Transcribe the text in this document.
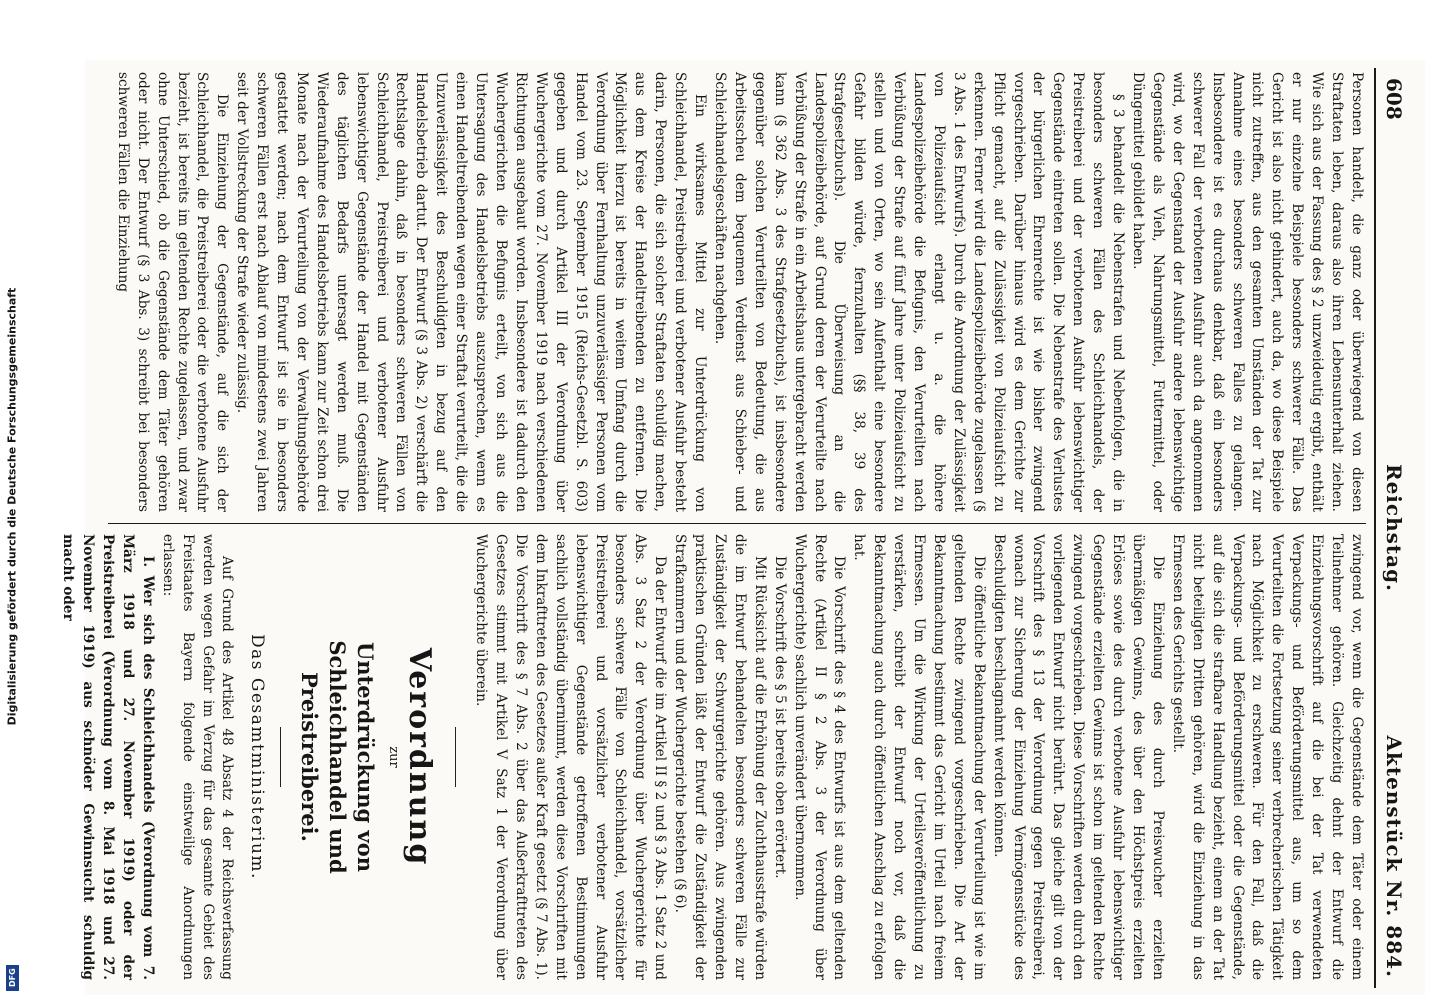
Digitalisierung gefördert durch die Deutsche Forschungsgemeinschaft
DFG
608
Reichstag.
Aktenstück Nr. 884.

Personen handelt, die ganz oder überwiegend von diesen Straftaten leben, daraus also ihren Lebensunterhalt ziehen. Wie sich aus der Fassung des § 2 unzweideutig ergibt, enthält er nur einzelne Beispiele besonders schwerer Fälle. Das Gericht ist also nicht gehindert, auch da, wo diese Beispiele nicht zutreffen, aus den gesamten Umständen der Tat zur Annahme eines besonders schweren Falles zu gelangen. Insbesondere ist es durchaus denkbar, daß ein besonders schwerer Fall der verbotenen Ausfuhr auch da angenommen wird, wo der Gegenstand der Ausfuhr andere lebenswichtige Gegenstände als Vieh, Nahrungsmittel, Futtermittel, oder Düngemittel gebildet haben.

§ 3 behandelt die Nebenstrafen und Nebenfolgen, die in besonders schweren Fällen des Schleichhandels, der Preistreiberei und der verbotenen Ausfuhr lebenswichtiger Gegenstände eintreten sollen. Die Nebenstrafe des Verlustes der bürgerlichen Ehrenrechte ist wie bisher zwingend vorgeschrieben. Darüber hinaus wird es dem Gerichte zur Pflicht gemacht, auf die Zulässigkeit von Polizeiaufsicht zu erkennen. Ferner wird die Landespolizeibehörde zugelassen (§ 3 Abs. 1 des Entwurfs). Durch die Anordnung der Zulässigkeit von Polizeiaufsicht erlangt u. a. die höhere Landespolizeibehörde die Befugnis, den Verurteilten nach Verbüßung der Strafe auf fünf Jahre unter Polizeiaufsicht zu stellen und von Orten, wo sein Aufenthalt eine besondere Gefahr bilden würde, fernzuhalten (§§ 38, 39 des Strafgesetzbuchs). Die Überweisung an die Landespolizeibehörde, auf Grund deren der Verurteilte nach Verbüßung der Strafe in ein Arbeitshaus untergebracht werden kann (§ 362 Abs. 3 des Strafgesetzbuchs), ist insbesondere gegenüber solchen Verurteilten von Bedeutung, die aus Arbeitsscheu dem bequemen Verdienst aus Schieber- und Schleichhandelsgeschäften nachgehen.

Ein wirksames Mittel zur Unterdrückung von Schleichhandel, Preistreiberei und verbotener Ausfuhr besteht darin, Personen, die sich solcher Straftaten schuldig machen, aus dem Kreise der Handeltreibenden zu entfernen. Die Möglichkeit hierzu ist bereits in weitem Umfang durch die Verordnung über Fernhaltung unzuverlässiger Personen vom Handel vom 23. September 1915 (Reichs-Gesetzbl. S. 603) gegeben und durch Artikel III der Verordnung über Wuchergerichte vom 27. November 1919 nach verschiedenen Richtungen ausgebaut worden. Insbesondere ist dadurch den Wuchergerichten die Befugnis erteilt, von sich aus die Untersagung des Handelsbetriebs auszusprechen, wenn es einen Handeltreibenden wegen einer Straftat verurteilt, die die Unzuverlässigkeit des Beschuldigten in bezug auf den Handelsbetrieb dartut. Der Entwurf (§ 3 Abs. 2) verschärft die Rechtslage dahin, daß in besonders schweren Fällen von Schleichhandel, Preistreiberei und verbotener Ausfuhr lebenswichtiger Gegenstände der Handel mit Gegenständen des täglichen Bedarfs untersagt werden muß. Die Wiederaufnahme des Handelsbetriebs kann zur Zeit schon drei Monate nach der Verurteilung von der Verwaltungsbehörde gestattet werden; nach dem Entwurf ist sie in besonders schweren Fällen erst nach Ablauf von mindestens zwei Jahren seit der Vollstreckung der Strafe wieder zulässig.

Die Einziehung der Gegenstände, auf die sich der Schleichhandel, die Preistreiberei oder die verbotene Ausfuhr bezieht, ist bereits im geltenden Rechte zugelassen, und zwar ohne Unterschied, ob die Gegenstände dem Täter gehören oder nicht. Der Entwurf (§ 3 Abs. 3) schreibt bei besonders schweren Fällen die Einziehung

zwingend vor, wenn die Gegenstände dem Täter oder einem Teilnehmer gehören. Gleichzeitig dehnt der Entwurf die Einziehungsvorschrift auf die bei der Tat verwendeten Verpackungs- und Beförderungsmittel aus, um so dem Verurteilten die Fortsetzung seiner verbrecherischen Tätigkeit nach Möglichkeit zu erschweren. Für den Fall, daß die Verpackungs- und Beförderungsmittel oder die Gegenstände, auf die sich die strafbare Handlung bezieht, einem an der Tat nicht beteiligten Dritten gehören, wird die Einziehung in das Ermessen des Gerichts gestellt.

Die Einziehung des durch Preiswucher erzielten übermäßigen Gewinns, des über den Höchstpreis erzielten Erlöses sowie des durch verbotene Ausfuhr lebenswichtiger Gegenstände erzielten Gewinns ist schon im geltenden Rechte zwingend vorgeschrieben. Diese Vorschriften werden durch den vorliegenden Entwurf nicht berührt. Das gleiche gilt von der Vorschrift des § 13 der Verordnung gegen Preistreiberei, wonach zur Sicherung der Einziehung Vermögensstücke des Beschuldigten beschlagnahmt werden können.

Die öffentliche Bekanntmachung der Verurteilung ist wie im geltenden Rechte zwingend vorgeschrieben. Die Art der Bekanntmachung bestimmt das Gericht im Urteil nach freiem Ermessen. Um die Wirkung der Urteilsveröffentlichung zu verstärken, schreibt der Entwurf noch vor, daß die Bekanntmachung auch durch öffentlichen Anschlag zu erfolgen hat.

Die Vorschrift des § 4 des Entwurfs ist aus dem geltenden Rechte (Artikel II § 2 Abs. 3 der Verordnung über Wuchergerichte) sachlich unverändert übernommen.

Die Vorschrift des § 5 ist bereits oben erörtert.

Mit Rücksicht auf die Erhöhung der Zuchthausstrafe würden die im Entwurf behandelten besonders schweren Fälle zur Zuständigkeit der Schwurgerichte gehören. Aus zwingenden praktischen Gründen läßt der Entwurf die Zuständigkeit der Strafkammern und der Wuchergerichte bestehen (§ 6).

Da der Entwurf die im Artikel II § 2 und § 3 Abs. 1 Satz 2 und Abs. 3 Satz 2 der Verordnung über Wuchergerichte für besonders schwere Fälle von Schleichhandel, vorsätzlicher Preistreiberei und vorsätzlicher verbotener Ausfuhr lebenswichtiger Gegenstände getroffenen Bestimmungen sachlich vollständig übernimmt, werden diese Vorschriften mit dem Inkrafttreten des Gesetzes außer Kraft gesetzt (§ 7 Abs. 1). Die Vorschrift des § 7 Abs. 2 über das Außerkrafttreten des Gesetzes stimmt mit Artikel V Satz 1 der Verordnung über Wuchergerichte überein.

Verordnung
zur
Unterdrückung von Schleichhandel und Preistreiberei.
Das Gesamtministerium.

Auf Grund des Artikel 48 Absatz 4 der Reichsverfassung werden wegen Gefahr im Verzug für das gesamte Gebiet des Freistaates Bayern folgende einstweilige Anordnungen erlassen:

I. Wer sich des Schleichhandels (Verordnung vom 7. März 1918 und 27. November 1919) oder der Preistreiberei (Verordnung vom 8. Mai 1918 und 27. November 1919) aus schnöder Gewinnsucht schuldig macht oder
